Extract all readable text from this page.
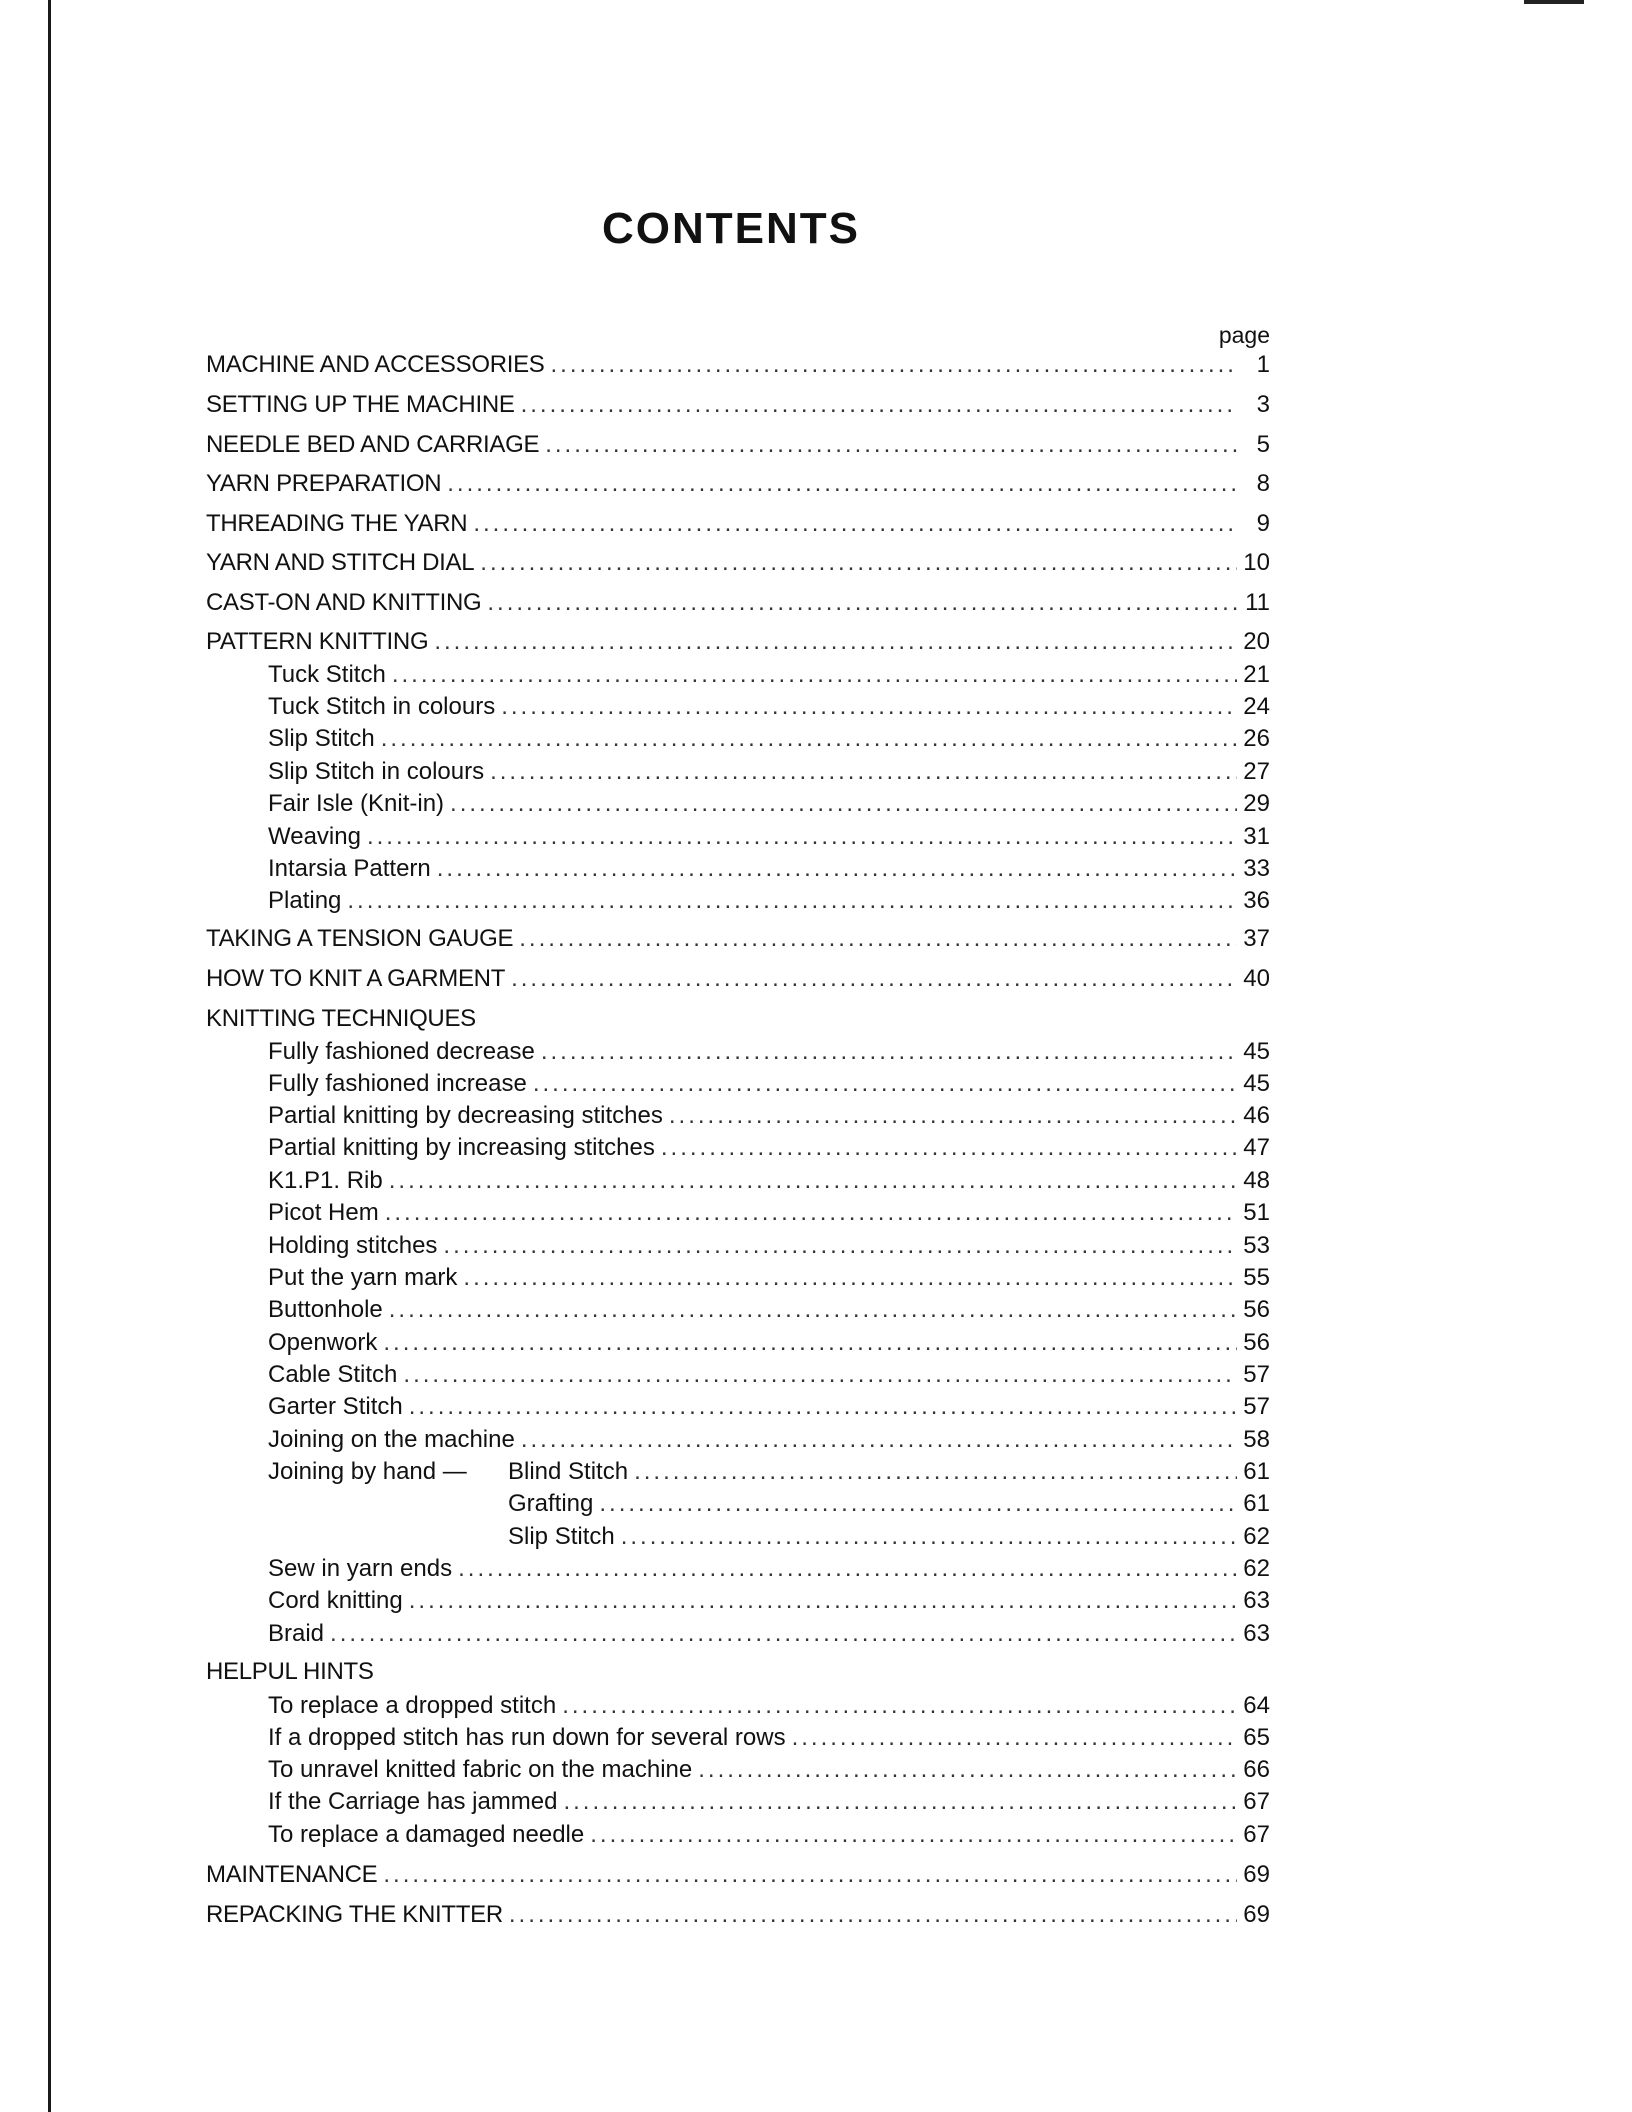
CONTENTS
page
MACHINE AND ACCESSORIES .....	1
SETTING UP THE MACHINE .....	3
NEEDLE BED AND CARRIAGE .....	5
YARN PREPARATION .....	8
THREADING THE YARN .....	9
YARN AND STITCH DIAL .....	10
CAST-ON AND KNITTING .....	11
PATTERN KNITTING .....	20
Tuck Stitch .....	21
Tuck Stitch in colours .....	24
Slip Stitch .....	26
Slip Stitch in colours .....	27
Fair Isle (Knit-in) .....	29
Weaving .....	31
Intarsia Pattern .....	33
Plating .....	36
TAKING A TENSION GAUGE .....	37
HOW TO KNIT A GARMENT .....	40
KNITTING TECHNIQUES
Fully fashioned decrease .....	45
Fully fashioned increase .....	45
Partial knitting by decreasing stitches .....	46
Partial knitting by increasing stitches .....	47
K1.P1. Rib .....	48
Picot Hem .....	51
Holding stitches .....	53
Put the yarn mark .....	55
Buttonhole .....	56
Openwork .....	56
Cable Stitch .....	57
Garter Stitch .....	57
Joining on the machine .....	58
Joining by hand — Blind Stitch .....	61
Grafting .....	61
Slip Stitch .....	62
Sew in yarn ends .....	62
Cord knitting .....	63
Braid .....	63
HELPUL HINTS
To replace a dropped stitch .....	64
If a dropped stitch has run down for several rows .....	65
To unravel knitted fabric on the machine .....	66
If the Carriage has jammed .....	67
To replace a damaged needle .....	67
MAINTENANCE .....	69
REPACKING THE KNITTER .....	69
